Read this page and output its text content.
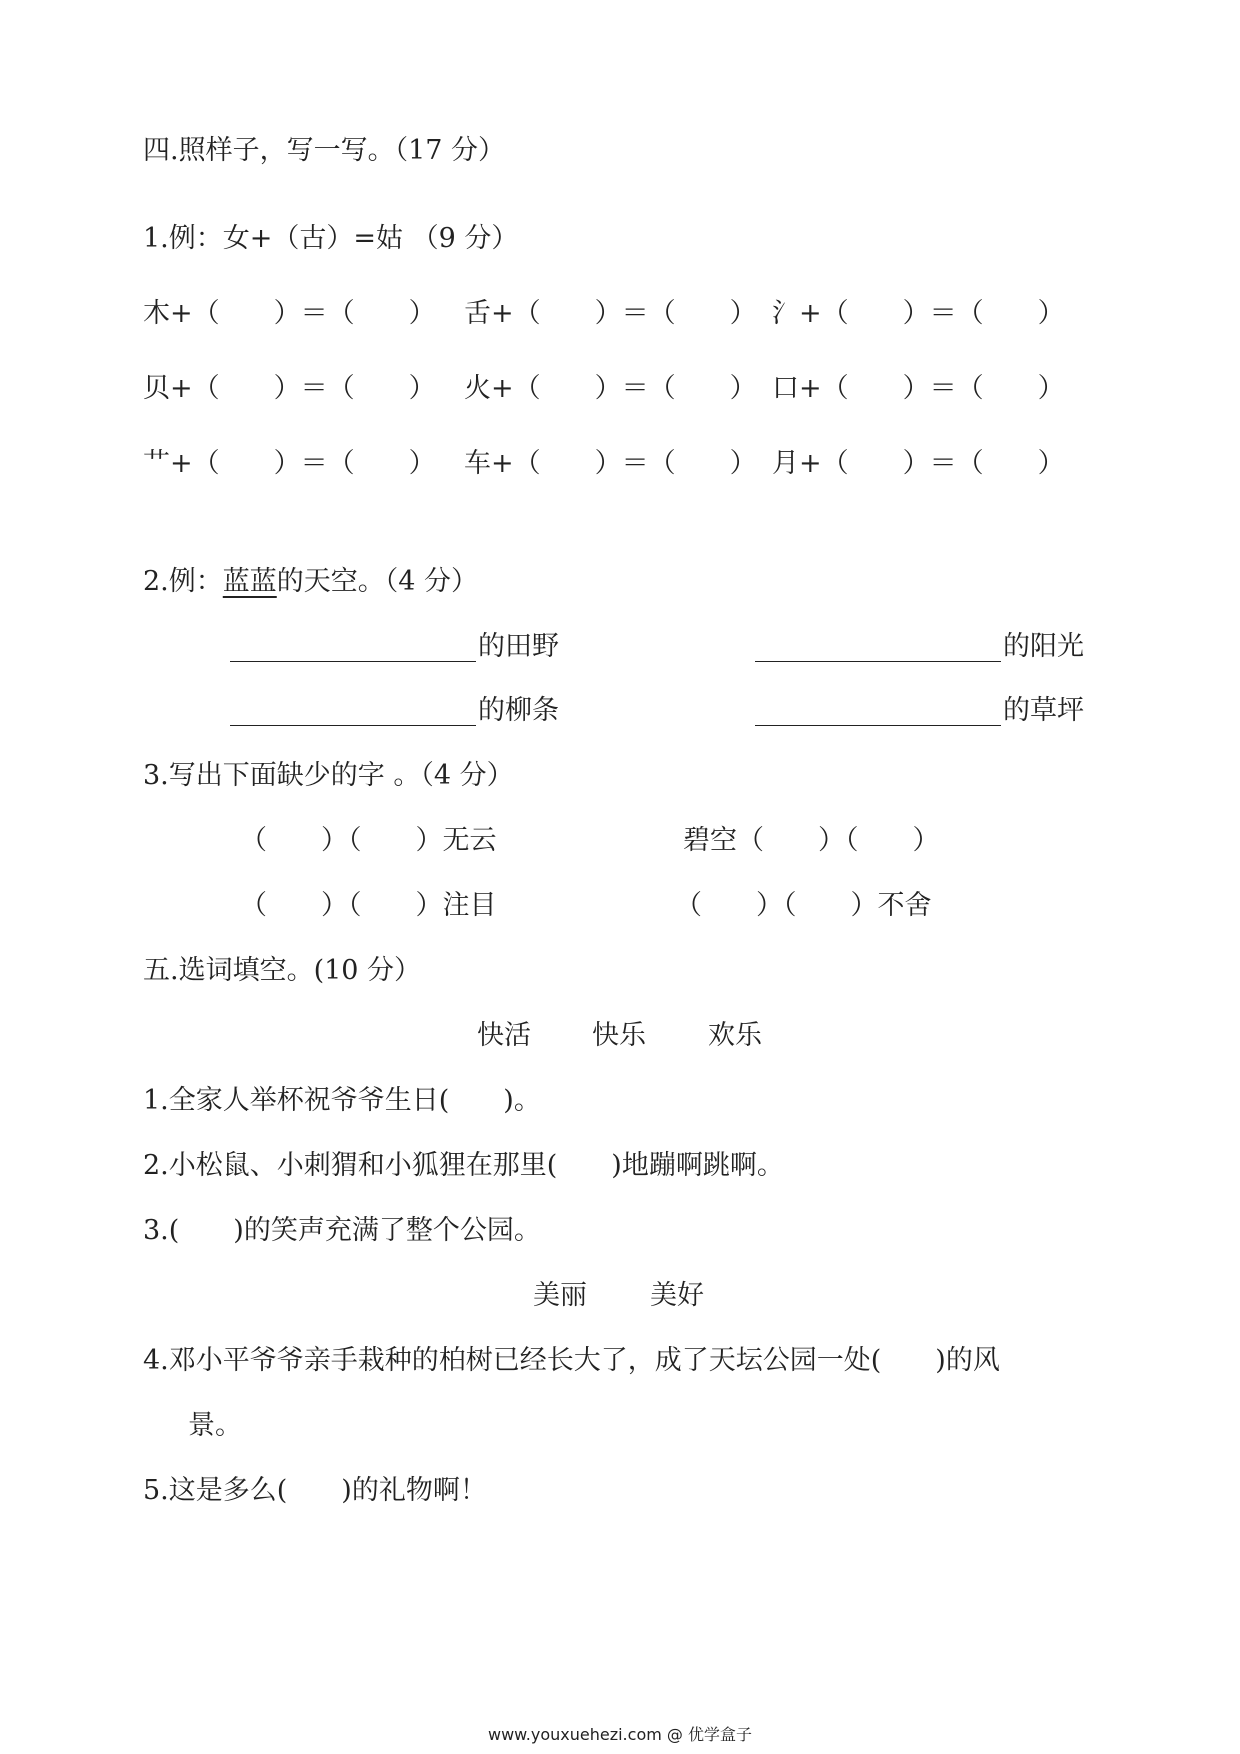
四.照样子，写一写。（17 分）
1.例：女+（古）=姑 （9 分）
木+（　　）＝（　　） 舌+（　　）＝（　　） 氵+（　　）＝（　　）
贝+（　　）＝（　　） 火+（　　）＝（　　） 口+（　　）＝（　　）
艹+（　　）＝（　　） 车+（　　）＝（　　） 月+（　　）＝（　　）
2.例：蓝蓝的天空。（4 分）
的田野	的阳光
的柳条	的草坪
3.写出下面缺少的字 。（4 分）
（　　）（　　）无云	碧空（　　）（　　）
（　　）（　　）注目	（　　）（　　）不舍
五.选词填空。(10 分）
快活 快乐 欢乐
1.全家人举杯祝爷爷生日(　　)。
2.小松鼠、小刺猬和小狐狸在那里(　　)地蹦啊跳啊。
3.(　　)的笑声充满了整个公园。
美丽 美好
4.邓小平爷爷亲手栽种的柏树已经长大了，成了天坛公园一处(　　)的风
景。
5.这是多么(　　)的礼物啊！
www.youxuehezi.com @ 优学盒子
